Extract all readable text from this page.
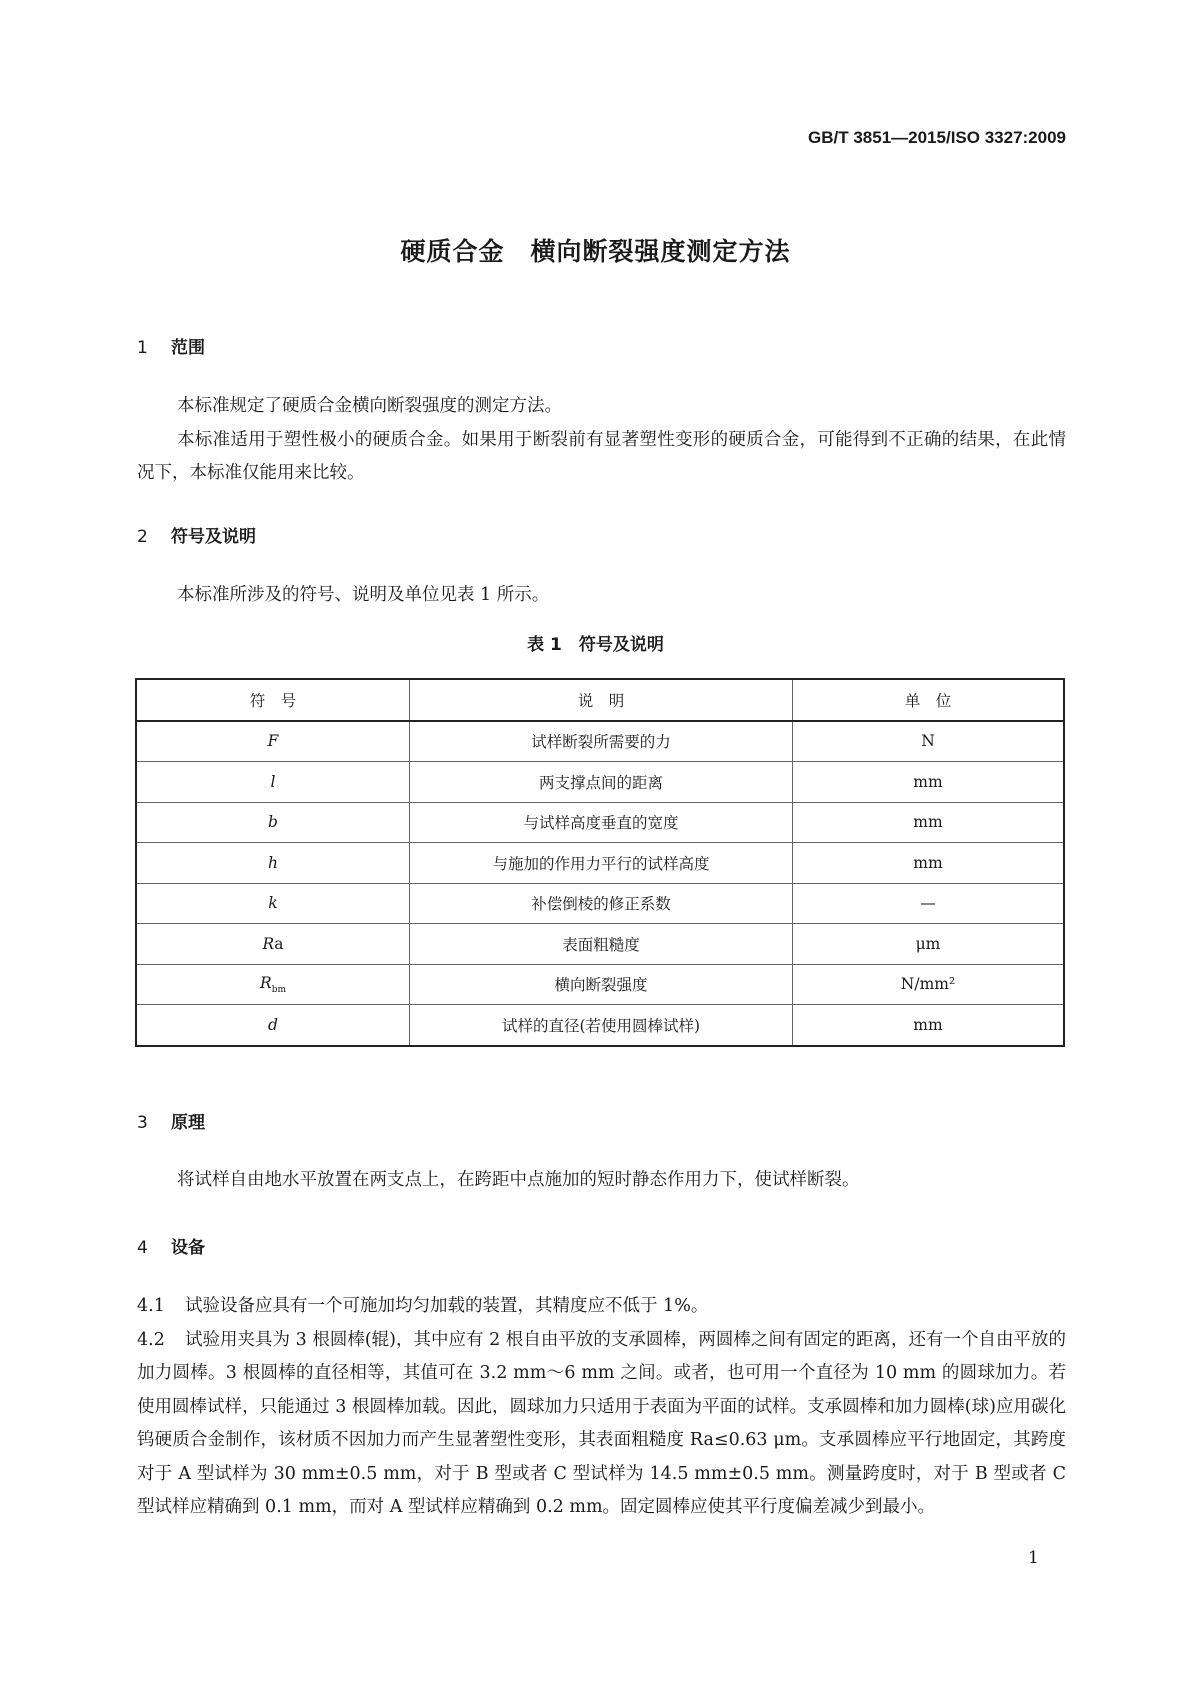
GB/T 3851—2015/ISO 3327:2009
硬质合金　横向断裂强度测定方法
1 范围
本标准规定了硬质合金横向断裂强度的测定方法。
本标准适用于塑性极小的硬质合金。如果用于断裂前有显著塑性变形的硬质合金，可能得到不正确的结果，在此情况下，本标准仅能用来比较。
2 符号及说明
本标准所涉及的符号、说明及单位见表 1 所示。
表 1　符号及说明
符　号	说　明	单　位
F	试样断裂所需要的力	N
l	两支撑点间的距离	mm
b	与试样高度垂直的宽度	mm
h	与施加的作用力平行的试样高度	mm
k	补偿倒棱的修正系数	—
Ra	表面粗糙度	μm
$R_{bm}$	横向断裂强度	N/mm²
d	试样的直径(若使用圆棒试样)	mm
3 原理
将试样自由地水平放置在两支点上，在跨距中点施加的短时静态作用力下，使试样断裂。
4 设备
4.1 试验设备应具有一个可施加均匀加载的装置，其精度应不低于 1%。
4.2 试验用夹具为 3 根圆棒(辊)，其中应有 2 根自由平放的支承圆棒，两圆棒之间有固定的距离，还有一个自由平放的加力圆棒。3 根圆棒的直径相等，其值可在 3.2 mm～6 mm 之间。或者，也可用一个直径为 10 mm 的圆球加力。若使用圆棒试样，只能通过 3 根圆棒加载。因此，圆球加力只适用于表面为平面的试样。支承圆棒和加力圆棒(球)应用碳化钨硬质合金制作，该材质不因加力而产生显著塑性变形，其表面粗糙度 Ra≤0.63 μm。支承圆棒应平行地固定，其跨度对于 A 型试样为 30 mm±0.5 mm，对于 B 型或者 C 型试样为 14.5 mm±0.5 mm。测量跨度时，对于 B 型或者 C 型试样应精确到 0.1 mm，而对 A 型试样应精确到 0.2 mm。固定圆棒应使其平行度偏差减少到最小。
1
